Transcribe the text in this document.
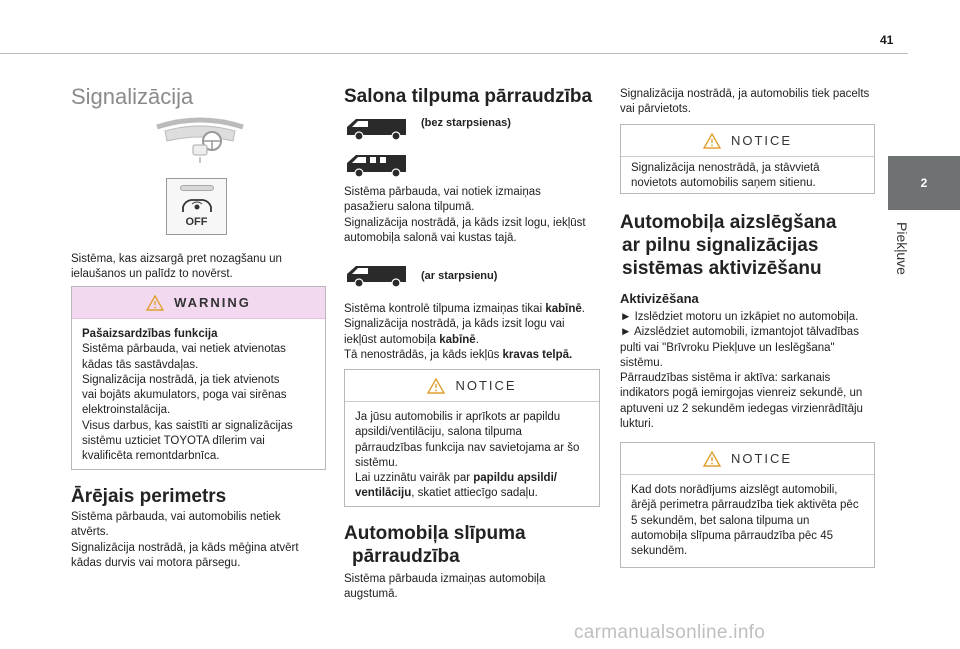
41
2
Piekļuve
Signalizācija
OFF

Sistēma, kas aizsargā pret nozagšanu un ielaušanos un palīdz to novērst.

WARNING
Pašaizsardzības funkcija
Sistēma pārbauda, vai netiek atvienotas
kādas tās sastāvdaļas.
Signalizācija nostrādā, ja tiek atvienots
vai bojāts akumulators, poga vai sirēnas
elektroinstalācija.
Visus darbus, kas saistīti ar signalizācijas
sistēmu uzticiet TOYOTA dīlerim vai
kvalificēta remontdarbnīca.
Ārējais perimetrs

Sistēma pārbauda, vai automobilis netiek

atvērts.

Signalizācija nostrādā, ja kāds mēģina atvērt

kādas durvis vai motora pārsegu.

Salona tilpuma pārraudzība
(bez starpsienas)

Sistēma pārbauda, vai notiek izmaiņas

pasažieru salona tilpumā.

Signalizācija nostrādā, ja kāds izsit logu, iekļūst

automobiļa salonā vai kustas tajā.

(ar starpsienu)

Sistēma kontrolē tilpuma izmaiņas tikai kabīnē.

Signalizācija nostrādā, ja kāds izsit logu vai

iekļūst automobiļa kabīnē.

Tā nenostrādās, ja kāds iekļūs kravas telpā.

NOTICE
Ja jūsu automobilis ir aprīkots ar papildu
apsildi/ventilāciju, salona tilpuma
pārraudzības funkcija nav savietojama ar šo
sistēmu.
Lai uzzinātu vairāk par papildu apsildi/
ventilāciju, skatiet attiecīgo sadaļu.
Automobiļa slīpuma
pārraudzība

Sistēma pārbauda izmaiņas automobiļa

augstumā.

Signalizācija nostrādā, ja automobilis tiek pacelts

vai pārvietots.

NOTICE
Signalizācija nenostrādā, ja stāvvietā
novietots automobilis saņem sitienu.
Automobiļa aizslēgšana
ar pilnu signalizācijas
sistēmas aktivizēšanu
Aktivizēšana

► Izslēdziet motoru un izkāpiet no automobiļa.

► Aizslēdziet automobili, izmantojot tālvadības

pulti vai "Brīvroku Piekļuve un Ieslēgšana"

sistēmu.

Pārraudzības sistēma ir aktīva: sarkanais

indikators pogā iemirgojas vienreiz sekundē, un

aptuveni uz 2 sekundēm iedegas virzienrādītāju

lukturi.

NOTICE
Kad dots norādījums aizslēgt automobili,
ārējā perimetra pārraudzība tiek aktivēta pēc
5 sekundēm, bet salona tilpuma un
automobiļa slīpuma pārraudzība pēc 45
sekundēm.
carmanualsonline.info
